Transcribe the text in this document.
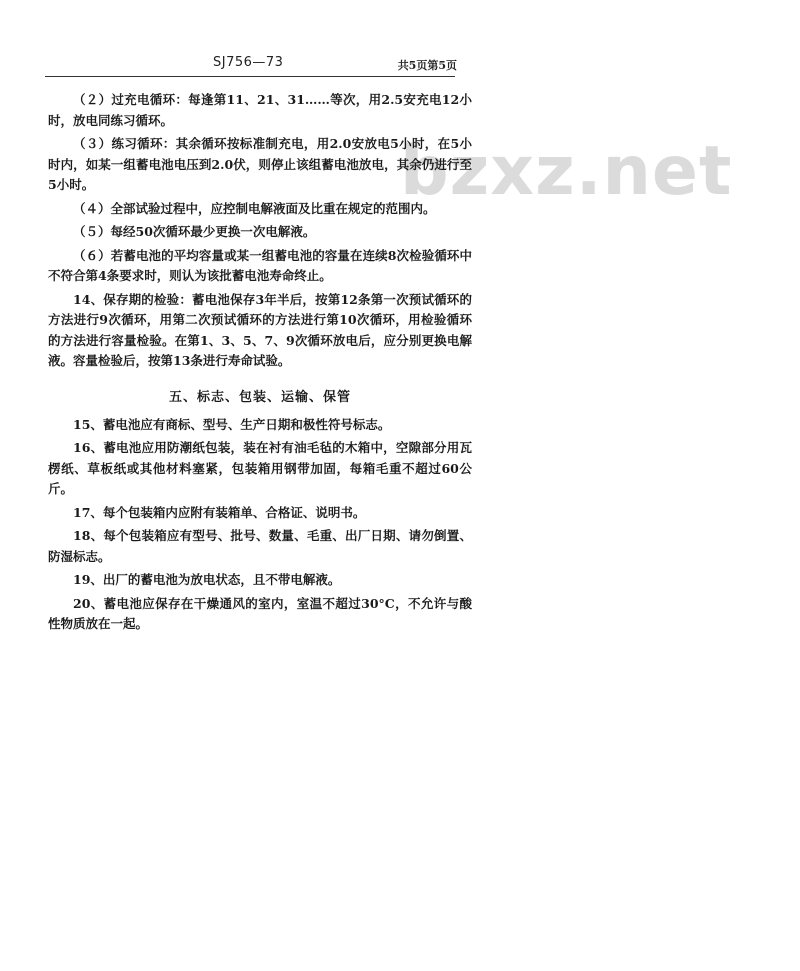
SJ756—73	共5页第5页
bzxz.net

（２）过充电循环：每逢第11、21、31……等次，用2.5安充电12小时，放电同练习循环。

（３）练习循环：其余循环按标准制充电，用2.0安放电5小时，在5小时内，如某一组蓄电池电压到2.0伏，则停止该组蓄电池放电，其余仍进行至5小时。

（４）全部试验过程中，应控制电解液面及比重在规定的范围内。

（５）每经50次循环最少更换一次电解液。

（６）若蓄电池的平均容量或某一组蓄电池的容量在连续8次检验循环中不符合第4条要求时，则认为该批蓄电池寿命终止。

14、保存期的检验：蓄电池保存3年半后，按第12条第一次预试循环的方法进行9次循环，用第二次预试循环的方法进行第10次循环，用检验循环的方法进行容量检验。在第1、3、5、7、9次循环放电后，应分别更换电解液。容量检验后，按第13条进行寿命试验。

五、标志、包装、运输、保管

15、蓄电池应有商标、型号、生产日期和极性符号标志。

16、蓄电池应用防潮纸包装，装在衬有油毛毡的木箱中，空隙部分用瓦楞纸、草板纸或其他材料塞紧，包装箱用钢带加固，每箱毛重不超过60公斤。

17、每个包装箱内应附有装箱单、合格证、说明书。

18、每个包装箱应有型号、批号、数量、毛重、出厂日期、请勿倒置、防湿标志。

19、出厂的蓄电池为放电状态，且不带电解液。

20、蓄电池应保存在干燥通风的室内，室温不超过30°C，不允许与酸性物质放在一起。
